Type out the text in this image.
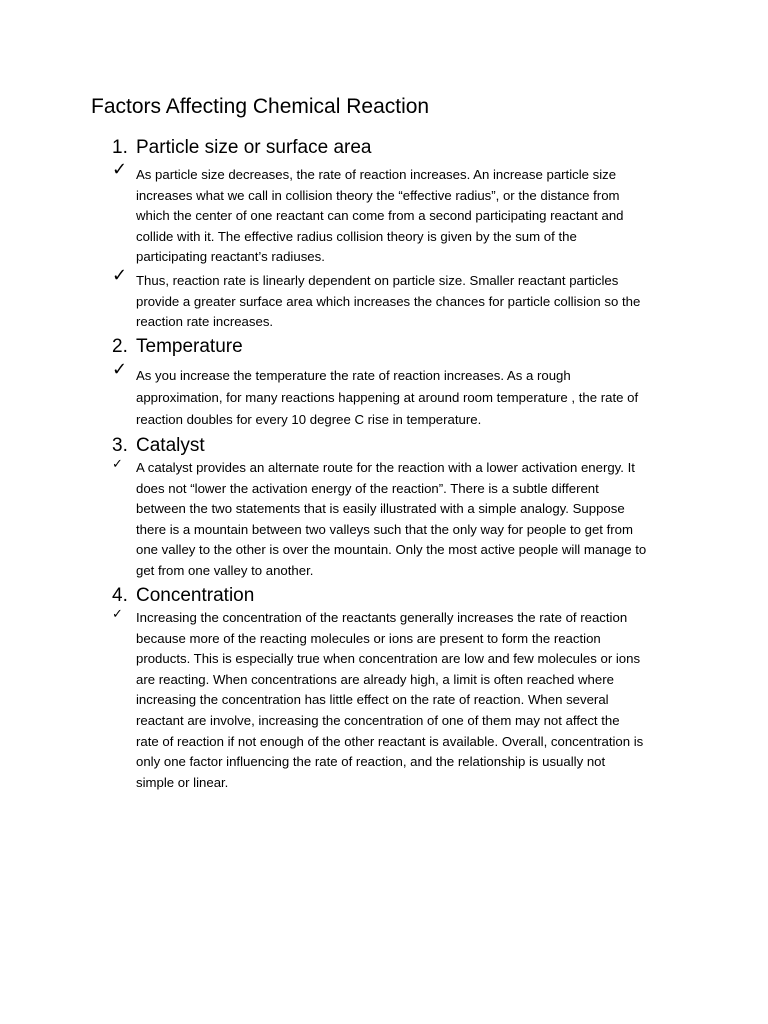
Factors Affecting Chemical Reaction
1. Particle size or surface area
✓ As particle size decreases, the rate of reaction increases. An increase particle size
increases what we call in collision theory the “effective radius”, or the distance from
which the center of one reactant can come from a second participating reactant and
collide with it. The effective radius collision theory is given by the sum of the
participating reactant’s radiuses.
✓ Thus, reaction rate is linearly dependent on particle size. Smaller reactant particles
provide a greater surface area which increases the chances for particle collision so the
reaction rate increases.
2. Temperature
✓ As you increase the temperature the rate of reaction increases. As a rough
approximation, for many reactions happening at around room temperature , the rate of
reaction doubles for every 10 degree C rise in temperature.
3. Catalyst
✓ A catalyst provides an alternate route for the reaction with a lower activation energy. It
does not “lower the activation energy of the reaction”. There is a subtle different
between the two statements that is easily illustrated with a simple analogy. Suppose
there is a mountain between two valleys such that the only way for people to get from
one valley to the other is over the mountain. Only the most active people will manage to
get from one valley to another.
4. Concentration
✓ Increasing the concentration of the reactants generally increases the rate of reaction
because more of the reacting molecules or ions are present to form the reaction
products. This is especially true when concentration are low and few molecules or ions
are reacting. When concentrations are already high, a limit is often reached where
increasing the concentration has little effect on the rate of reaction. When several
reactant are involve, increasing the concentration of one of them may not affect the
rate of reaction if not enough of the other reactant is available. Overall, concentration is
only one factor influencing the rate of reaction, and the relationship is usually not
simple or linear.
